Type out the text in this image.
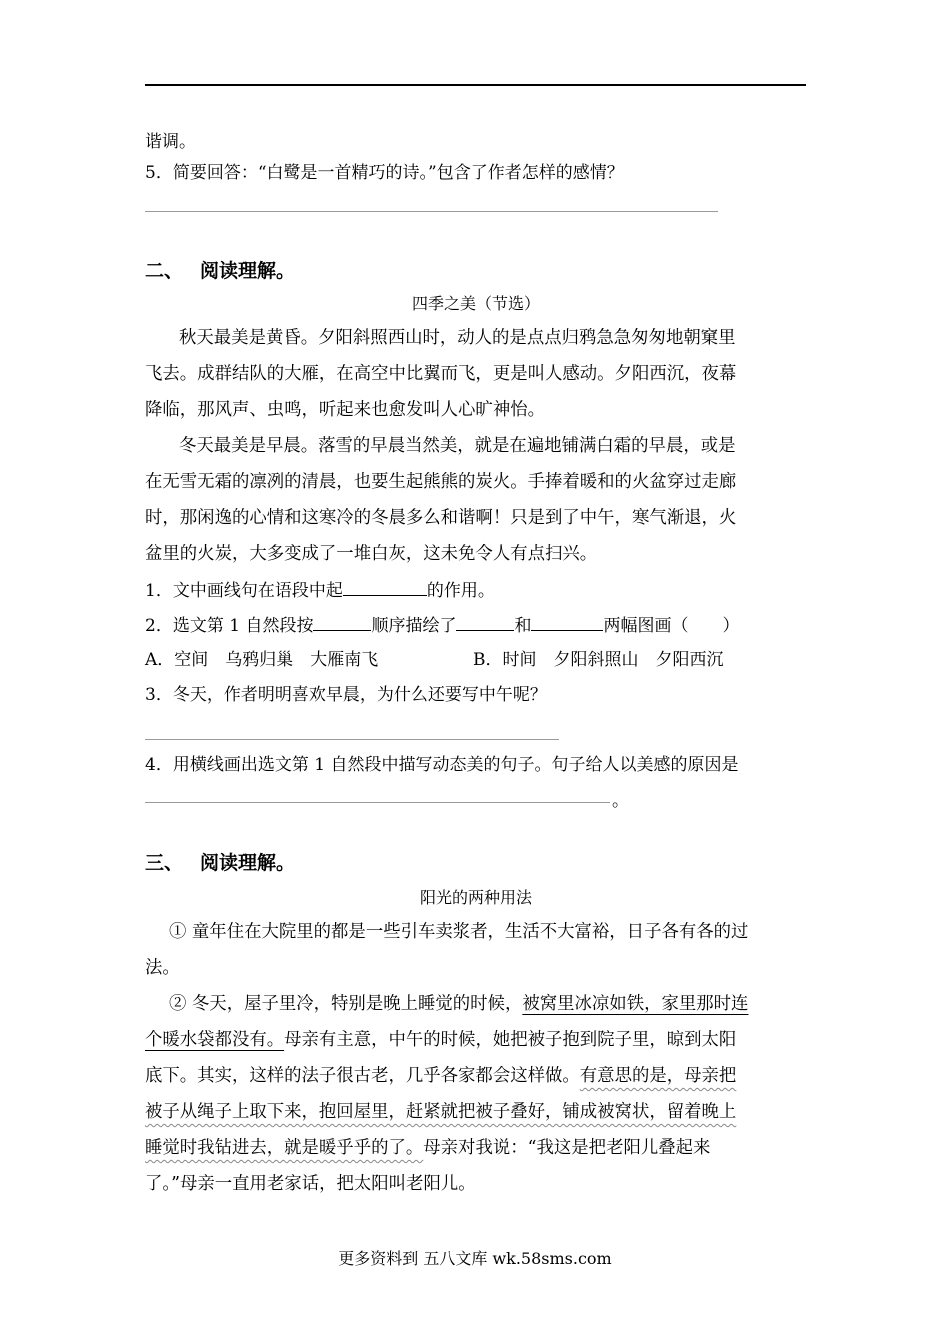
谐调。
5．简要回答：“白鹭是一首精巧的诗。”包含了作者怎样的感情？
二、 阅读理解。
四季之美（节选）
秋天最美是黄昏。夕阳斜照西山时，动人的是点点归鸦急急匆匆地朝窠里
飞去。成群结队的大雁，在高空中比翼而飞，更是叫人感动。夕阳西沉，夜幕
降临，那风声、虫鸣，听起来也愈发叫人心旷神怡。
冬天最美是早晨。落雪的早晨当然美，就是在遍地铺满白霜的早晨，或是
在无雪无霜的凛冽的清晨，也要生起熊熊的炭火。手捧着暖和的火盆穿过走廊
时，那闲逸的心情和这寒冷的冬晨多么和谐啊！只是到了中午，寒气渐退，火
盆里的火炭，大多变成了一堆白灰，这未免令人有点扫兴。
1．文中画线句在语段中起	的作用。
2．选文第 1 自然段按	顺序描绘了	和	两幅图画（　　）
A．空间　乌鸦归巢　大雁南飞	B．时间　夕阳斜照山　夕阳西沉
3．冬天，作者明明喜欢早晨，为什么还要写中午呢？
4．用横线画出选文第 1 自然段中描写动态美的句子。句子给人以美感的原因是
。
三、 阅读理解。
阳光的两种用法
① 童年住在大院里的都是一些引车卖浆者，生活不大富裕，日子各有各的过
法。
② 冬天，屋子里冷，特别是晚上睡觉的时候，被窝里冰凉如铁，家里那时连
个暖水袋都没有。母亲有主意，中午的时候，她把被子抱到院子里，晾到太阳
底下。其实，这样的法子很古老，几乎各家都会这样做。有意思的是，母亲把
被子从绳子上取下来，抱回屋里，赶紧就把被子叠好，铺成被窝状，留着晚上
睡觉时我钻进去，就是暖乎乎的了。母亲对我说：“我这是把老阳儿叠起来
了。”母亲一直用老家话，把太阳叫老阳儿。
更多资料到 五八文库 wk.58sms.com
